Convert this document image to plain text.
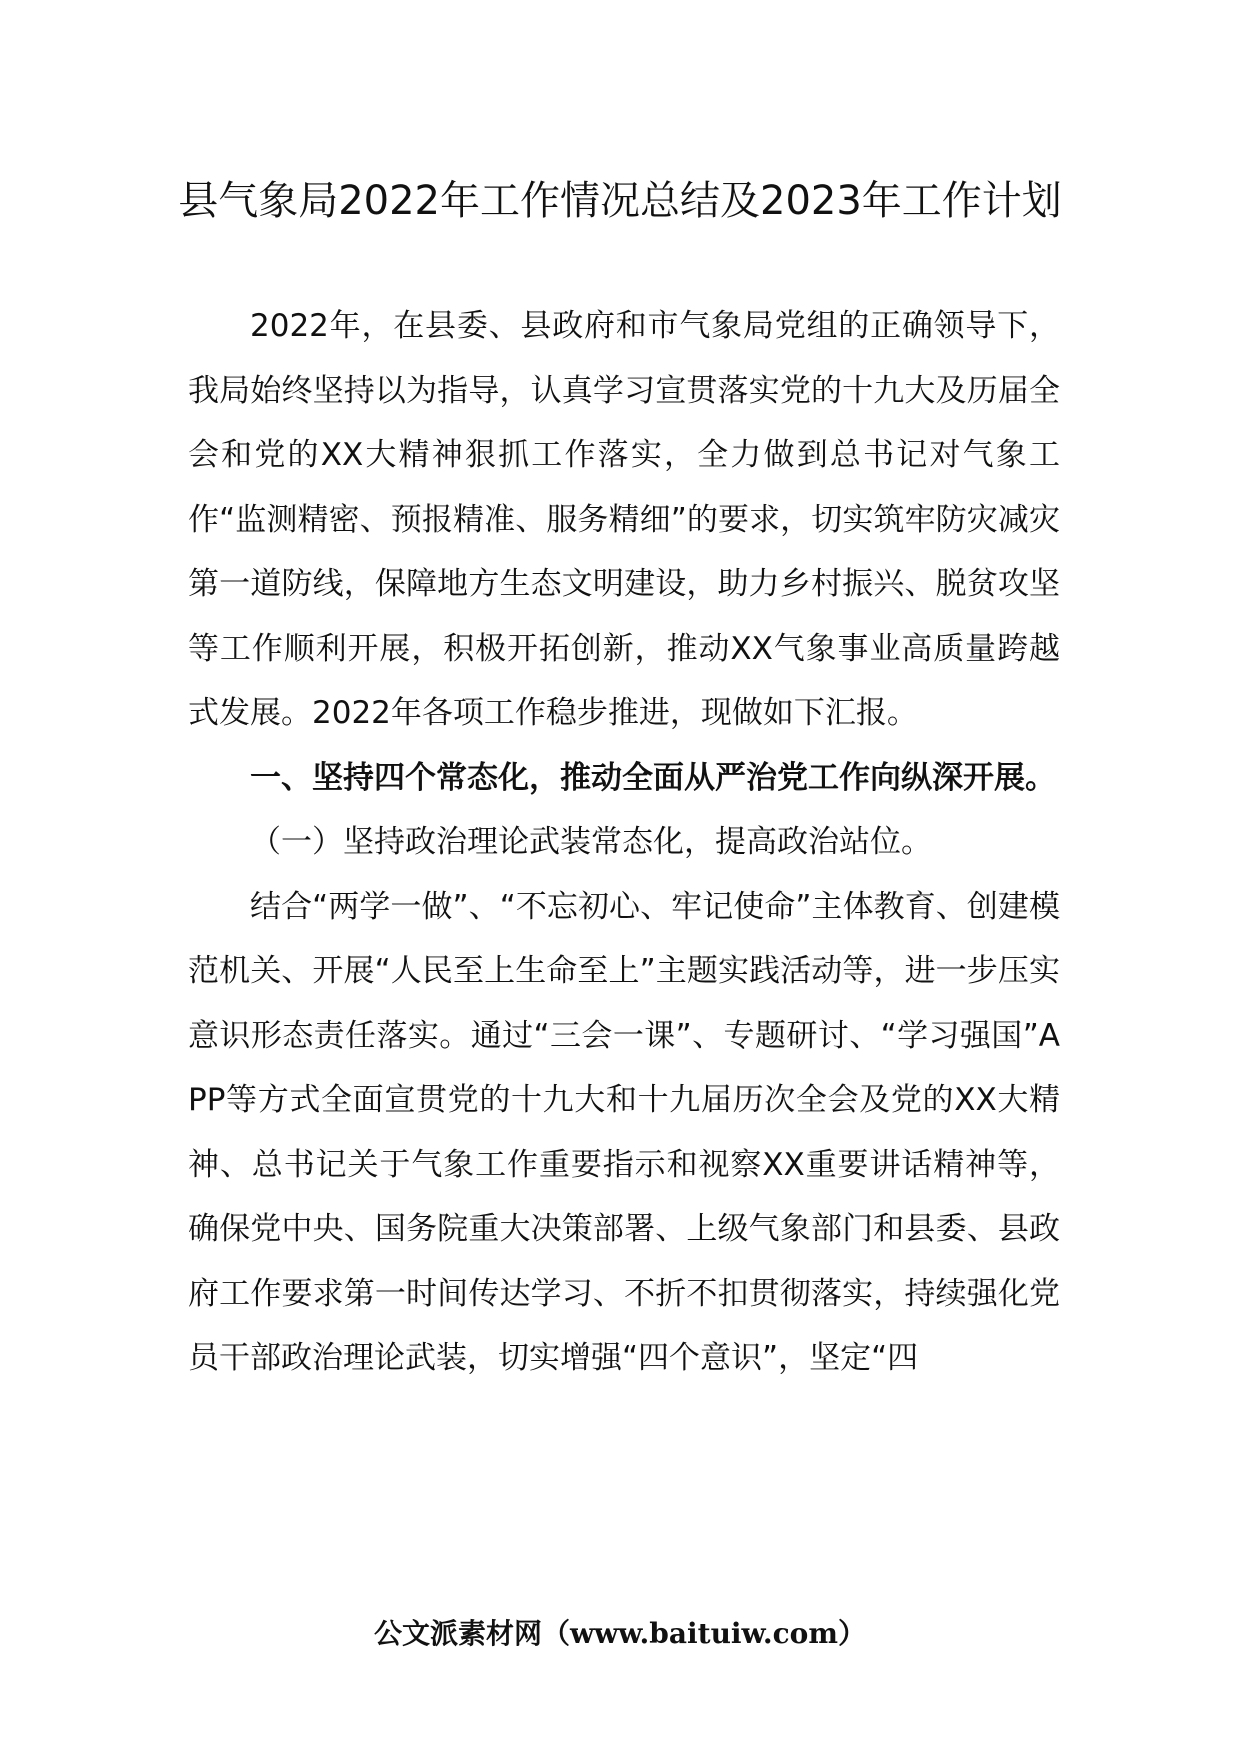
县气象局2022年工作情况总结及2023年工作计划

2022年，在县委、县政府和市气象局党组的正确领导下，我局始终坚持以为指导，认真学习宣贯落实党的十九大及历届全会和党的XX大精神狠抓工作落实，全力做到总书记对气象工作“监测精密、预报精准、服务精细”的要求，切实筑牢防灾减灾第一道防线，保障地方生态文明建设，助力乡村振兴、脱贫攻坚等工作顺利开展，积极开拓创新，推动XX气象事业高质量跨越式发展。2022年各项工作稳步推进，现做如下汇报。

一、坚持四个常态化，推动全面从严治党工作向纵深开展。

（一）坚持政治理论武装常态化，提高政治站位。

结合“两学一做”、“不忘初心、牢记使命”主体教育、创建模范机关、开展“人民至上生命至上”主题实践活动等，进一步压实意识形态责任落实。通过“三会一课”、专题研讨、“学习强国”APP等方式全面宣贯党的十九大和十九届历次全会及党的XX大精神、总书记关于气象工作重要指示和视察XX重要讲话精神等，确保党中央、国务院重大决策部署、上级气象部门和县委、县政府工作要求第一时间传达学习、不折不扣贯彻落实，持续强化党员干部政治理论武装，切实增强“四个意识”，坚定“四

公文派素材网（www.baituiw.com）
